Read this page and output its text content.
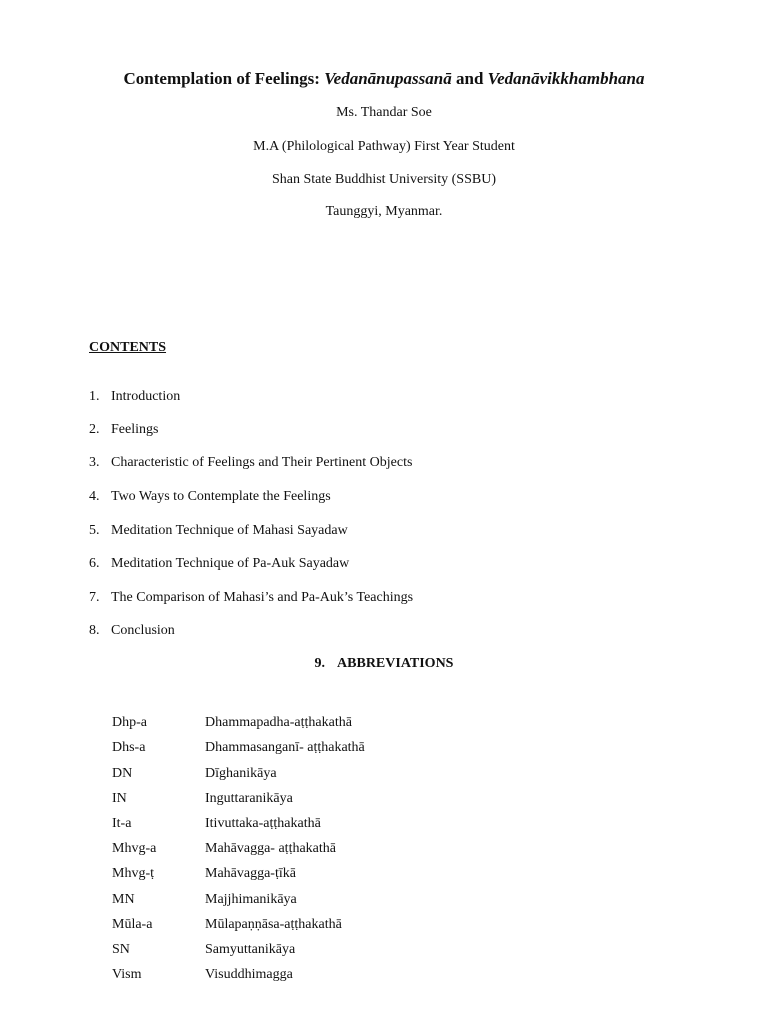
Contemplation of Feelings: Vedanānupassanā and Vedanāvikkhambhana
Ms. Thandar Soe
M.A (Philological Pathway) First Year Student
Shan State Buddhist University (SSBU)
Taunggyi, Myanmar.
CONTENTS
1. Introduction
2. Feelings
3. Characteristic of Feelings and Their Pertinent Objects
4. Two Ways to Contemplate the Feelings
5. Meditation Technique of Mahasi Sayadaw
6. Meditation Technique of Pa-Auk Sayadaw
7. The Comparison of Mahasi’s and Pa-Auk’s Teachings
8. Conclusion
9. ABBREVIATIONS
Dhp-a	Dhammapadha-aṭṭhakathā
Dhs-a	Dhammasanganī- aṭṭhakathā
DN	Dīghanikāya
IN	Inguttaranikāya
It-a	Itivuttaka-aṭṭhakathā
Mhvg-a	Mahāvagga- aṭṭhakathā
Mhvg-ṭ	Mahāvagga-ṭīkā
MN	Majjhimanikāya
Mūla-a	Mūlapaṇṇāsa-aṭṭhakathā
SN	Samyuttanikāya
Vism	Visuddhimagga
